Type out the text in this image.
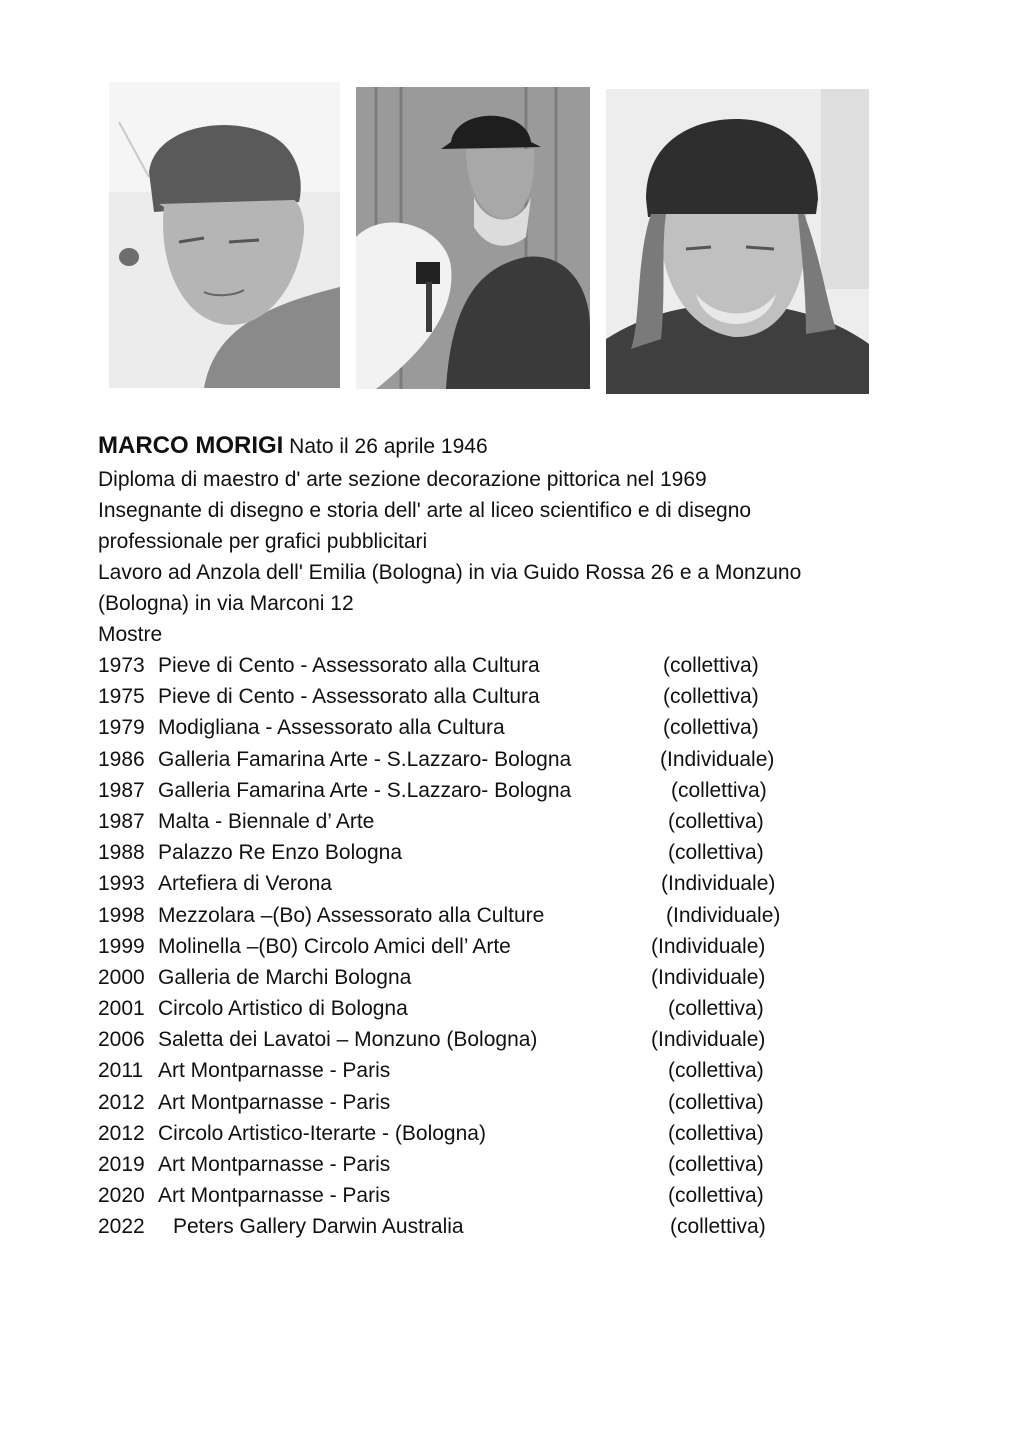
MARCO MORIGI Nato il 26 aprile 1946
Diploma di maestro d' arte sezione decorazione pittorica nel 1969
Insegnante di disegno e storia dell' arte al liceo scientifico e di disegno
professionale per grafici pubblicitari
Lavoro ad Anzola dell' Emilia (Bologna) in via Guido Rossa 26 e a Monzuno
(Bologna) in via Marconi 12
Mostre
1973 Pieve di Cento - Assessorato alla Cultura	(collettiva)
1975 Pieve di Cento - Assessorato alla Cultura	(collettiva)
1979 Modigliana - Assessorato alla Cultura	(collettiva)
1986 Galleria Famarina Arte - S.Lazzaro- Bologna	(Individuale)
1987 Galleria Famarina Arte - S.Lazzaro- Bologna	(collettiva)
1987 Malta - Biennale d’ Arte	(collettiva)
1988 Palazzo Re Enzo Bologna	(collettiva)
1993 Artefiera di Verona	(Individuale)
1998 Mezzolara –(Bo) Assessorato alla Culture	(Individuale)
1999 Molinella –(B0) Circolo Amici dell’ Arte	(Individuale)
2000 Galleria de Marchi Bologna	(Individuale)
2001 Circolo Artistico di Bologna	(collettiva)
2006 Saletta dei Lavatoi – Monzuno (Bologna)	(Individuale)
2011 Art Montparnasse - Paris	(collettiva)
2012 Art Montparnasse - Paris	(collettiva)
2012 Circolo Artistico-Iterarte - (Bologna)	(collettiva)
2019 Art Montparnasse - Paris	(collettiva)
2020 Art Montparnasse - Paris	(collettiva)
2022 Peters Gallery Darwin Australia	(collettiva)
